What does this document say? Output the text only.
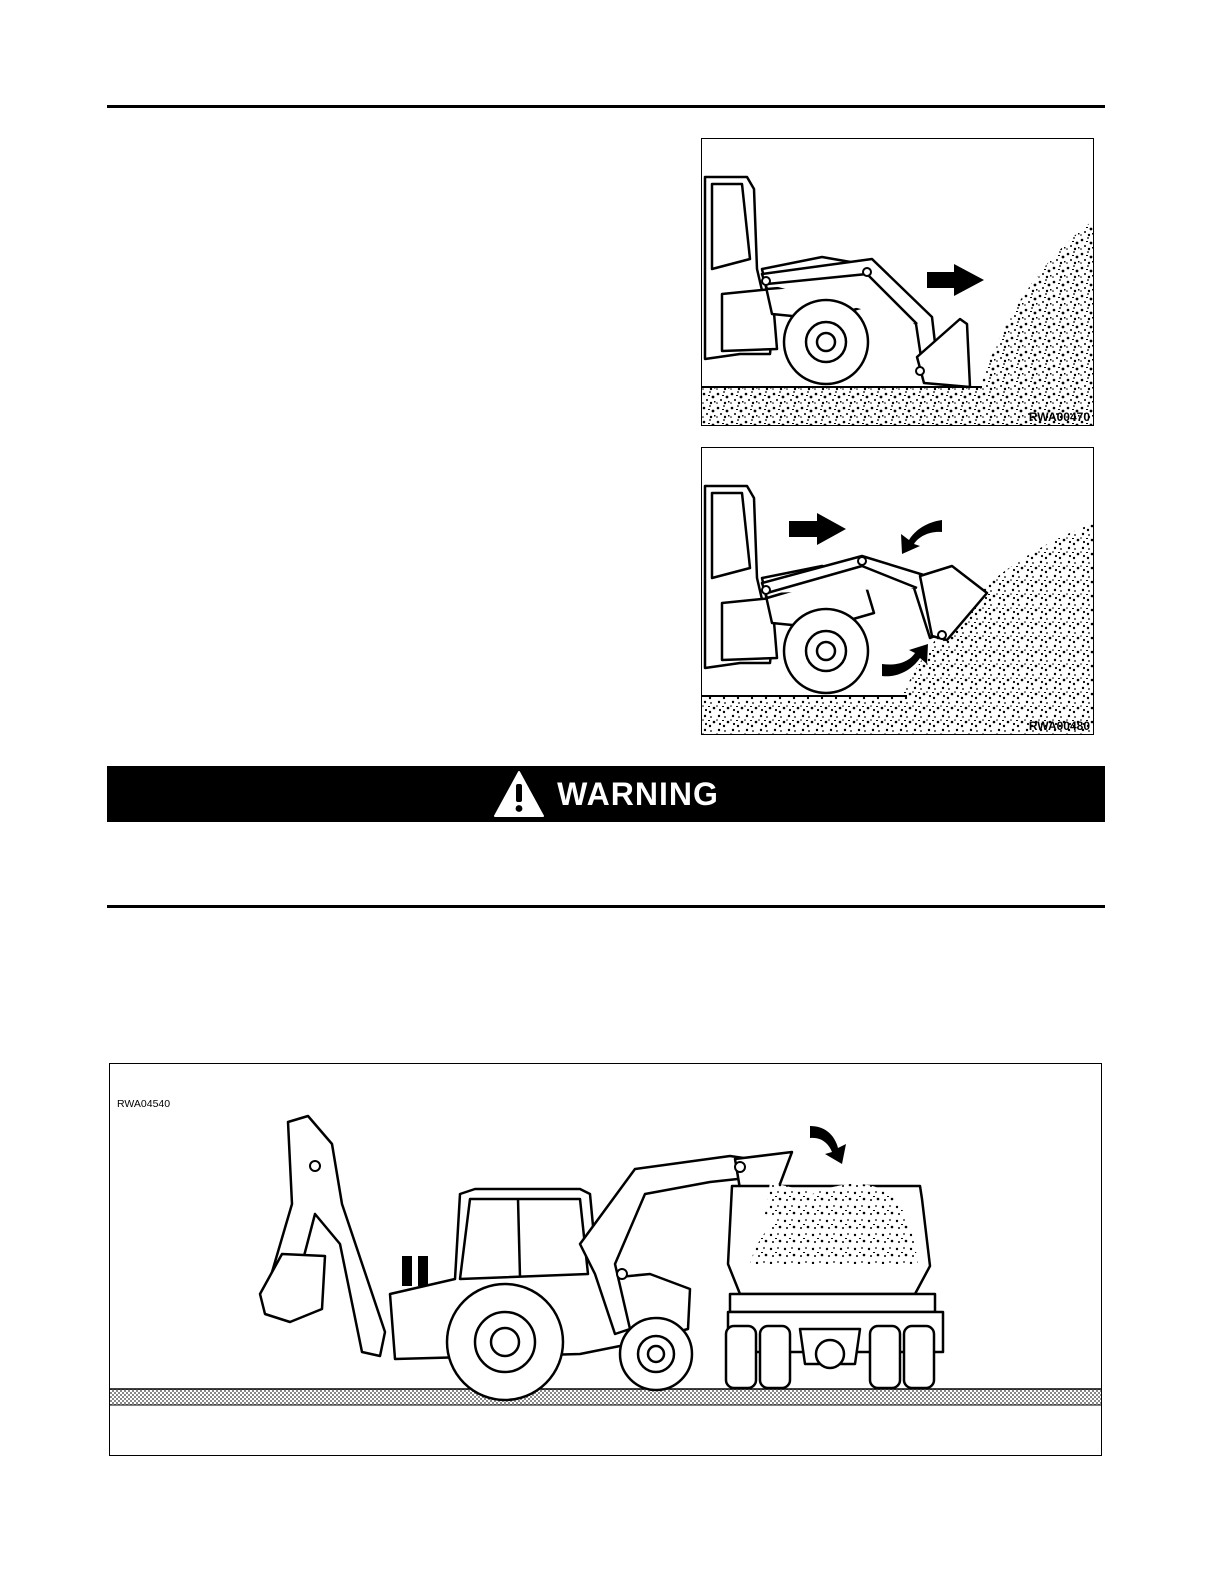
RWA00470
RWA00480
WARNING
RWA04540
